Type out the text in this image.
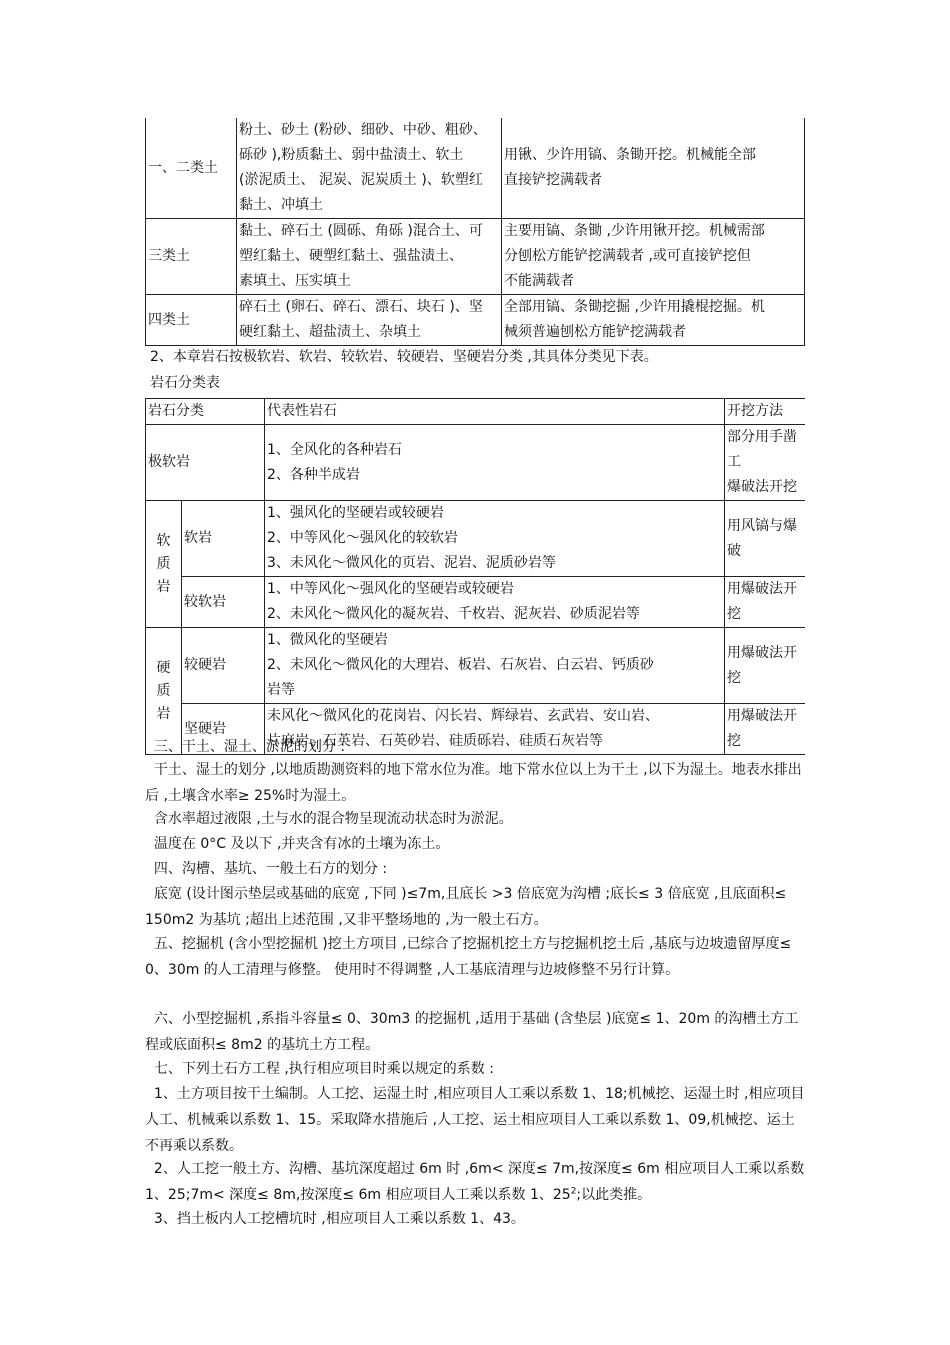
一、二类土	粉土、砂土 (粉砂、细砂、中砂、粗砂、
砾砂 ),粉质黏土、弱中盐渍土、软土
(淤泥质土、 泥炭、泥炭质土 )、软塑红
黏土、冲填土	用锹、少许用镐、条锄开挖。机械能全部
直接铲挖满载者

三类土	黏土、碎石土 (圆砾、角砾 )混合土、可
塑红黏土、硬塑红黏土、强盐渍土、
素填土、压实填土	主要用镐、条锄 ,少许用锹开挖。机械需部
分刨松方能铲挖满载者 ,或可直接铲挖但
不能满载者

四类土	碎石土 (卵石、碎石、漂石、块石 )、坚
硬红黏土、超盐渍土、杂填土	全部用镐、条锄挖掘 ,少许用撬棍挖掘。机
械须普遍刨松方能铲挖满载者
2、本章岩石按极软岩、软岩、较软岩、较硬岩、坚硬岩分类 ,其具体分类见下表。
岩石分类表
岩石分类		代表性岩石	开挖方法
极软岩		1、全风化的各种岩石
2、各种半成岩	部分用手凿工
爆破法开挖

软
质
岩	软岩	1、强风化的坚硬岩或较硬岩
2、中等风化～强风化的较软岩
3、未风化～微风化的页岩、泥岩、泥质砂岩等	用风镐与爆破
	较软岩	1、中等风化～强风化的坚硬岩或较硬岩
2、未风化～微风化的凝灰岩、千枚岩、泥灰岩、砂质泥岩等	用爆破法开挖

硬
质
岩	较硬岩	1、微风化的坚硬岩
2、未风化～微风化的大理岩、板岩、石灰岩、白云岩、钙质砂
岩等	用爆破法开挖
	坚硬岩	未风化～微风化的花岗岩、闪长岩、辉绿岩、玄武岩、安山岩、
片麻岩、石英岩、石英砂岩、硅质砾岩、硅质石灰岩等	用爆破法开挖
三、干土、湿土、淤泥的划分 :
干土、湿土的划分 ,以地质勘测资料的地下常水位为准。地下常水位以上为干土 ,以下为湿土。地表水排出后 ,土壤含水率≥ 25%时为湿土。
含水率超过液限 ,土与水的混合物呈现流动状态时为淤泥。
温度在 0°C 及以下 ,并夹含有冰的土壤为冻土。
四、沟槽、基坑、一般土石方的划分 :
底宽 (设计图示垫层或基础的底宽 ,下同 )≤7m,且底长 >3 倍底宽为沟槽 ;底长≤ 3 倍底宽 ,且底面积≤ 150m2 为基坑 ;超出上述范围 ,又非平整场地的 ,为一般土石方。
五、挖掘机 (含小型挖掘机 )挖土方项目 ,已综合了挖掘机挖土方与挖掘机挖土后 ,基底与边坡遗留厚度≤ 0、30m 的人工清理与修整。 使用时不得调整 ,人工基底清理与边坡修整不另行计算。
六、小型挖掘机 ,系指斗容量≤ 0、30m3 的挖掘机 ,适用于基础 (含垫层 )底宽≤ 1、20m 的沟槽土方工程或底面积≤ 8m2 的基坑土方工程。
七、下列土石方工程 ,执行相应项目时乘以规定的系数 :
1、土方项目按干土编制。人工挖、运湿土时 ,相应项目人工乘以系数 1、18;机械挖、运湿土时 ,相应项目人工、机械乘以系数 1、15。采取降水措施后 ,人工挖、运土相应项目人工乘以系数 1、09,机械挖、运土不再乘以系数。
2、人工挖一般土方、沟槽、基坑深度超过 6m 时 ,6m< 深度≤ 7m,按深度≤ 6m 相应项目人工乘以系数 1、25;7m< 深度≤ 8m,按深度≤ 6m 相应项目人工乘以系数 1、$25^2$;以此类推。
3、挡土板内人工挖槽坑时 ,相应项目人工乘以系数 1、43。
